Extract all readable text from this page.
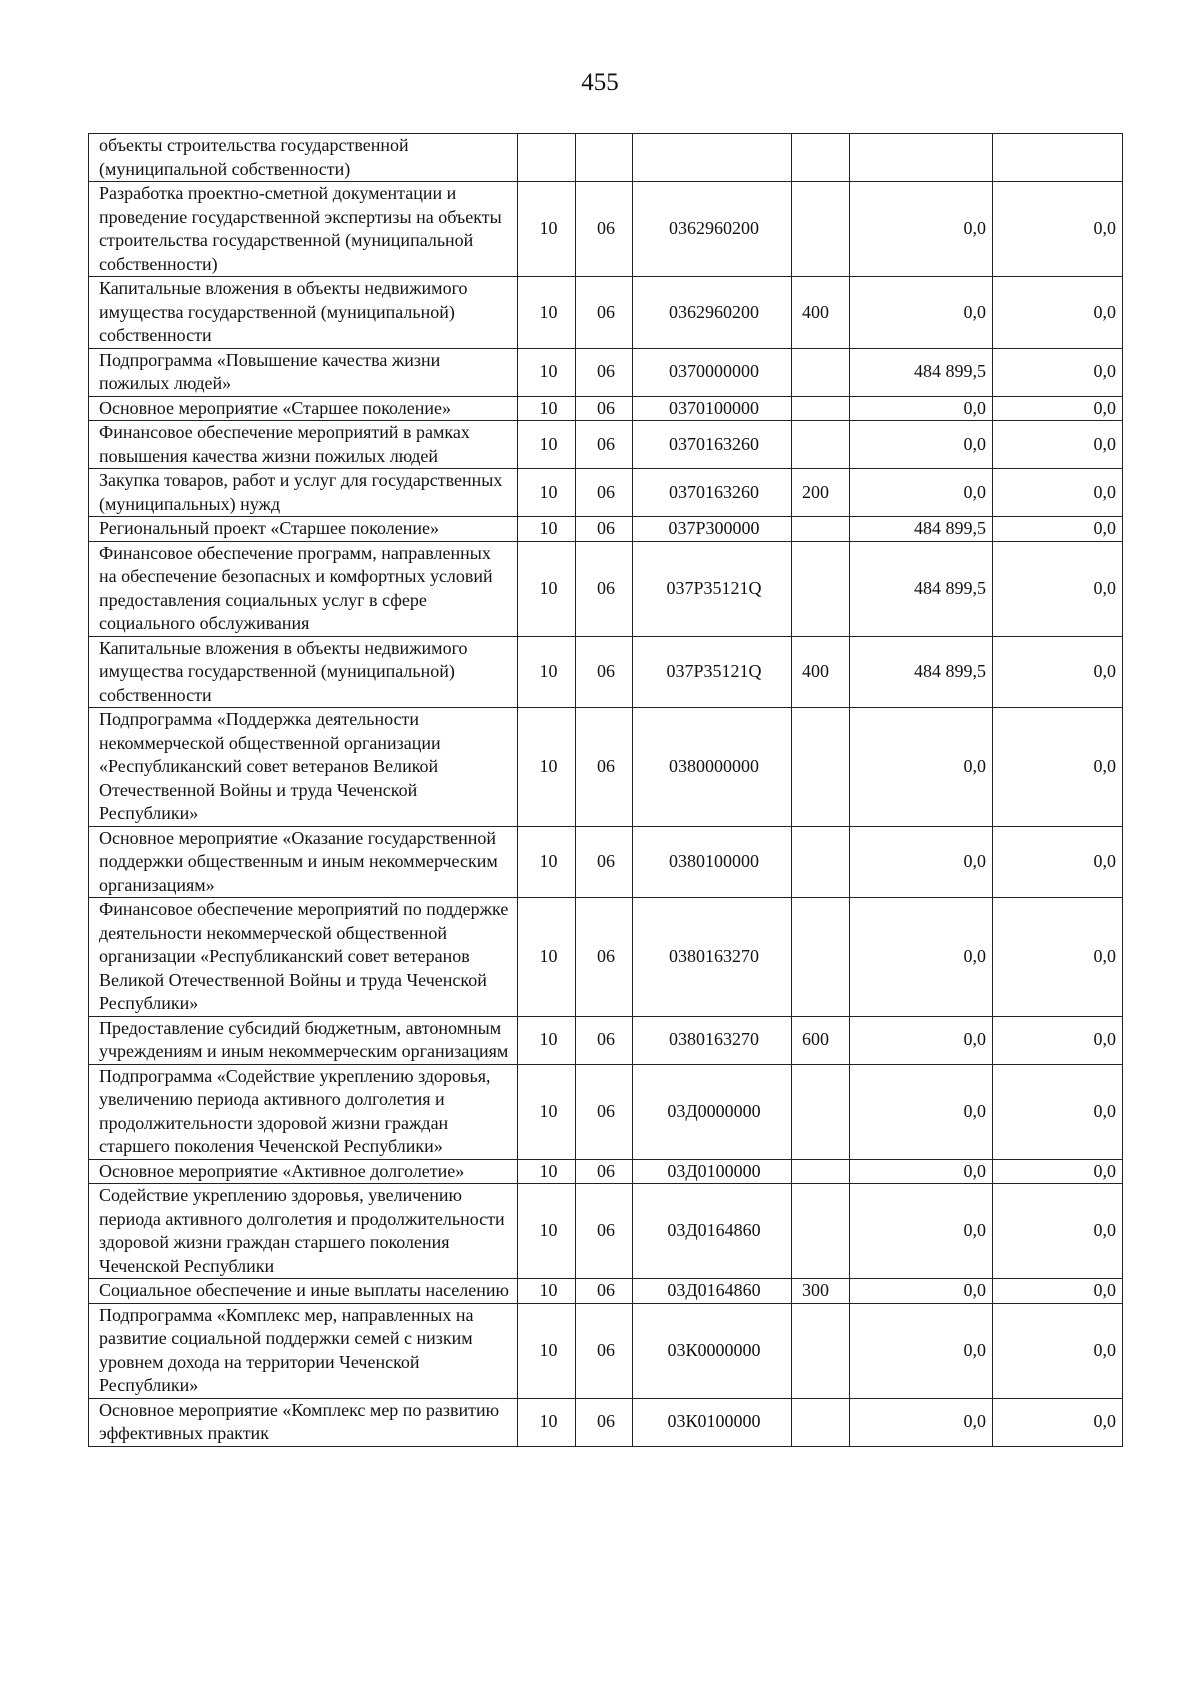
455
объекты строительства государственной (муниципальной собственности)						
Разработка проектно-сметной документации и проведение государственной экспертизы на объекты строительства государственной (муниципальной собственности)	10	06	0362960200		0,0	0,0
Капитальные вложения в объекты недвижимого имущества государственной (муниципальной) собственности	10	06	0362960200	400	0,0	0,0
Подпрограмма «Повышение качества жизни пожилых людей»	10	06	0370000000		484 899,5	0,0
Основное мероприятие «Старшее поколение»	10	06	0370100000		0,0	0,0
Финансовое обеспечение мероприятий в рамках повышения качества жизни пожилых людей	10	06	0370163260		0,0	0,0
Закупка товаров, работ и услуг для государственных (муниципальных) нужд	10	06	0370163260	200	0,0	0,0
Региональный проект «Старшее поколение»	10	06	037P300000		484 899,5	0,0
Финансовое обеспечение программ, направленных на обеспечение безопасных и комфортных условий предоставления социальных услуг в сфере социального обслуживания	10	06	037P35121Q		484 899,5	0,0
Капитальные вложения в объекты недвижимого имущества государственной (муниципальной) собственности	10	06	037P35121Q	400	484 899,5	0,0
Подпрограмма «Поддержка деятельности некоммерческой общественной организации «Республиканский совет ветеранов Великой Отечественной Войны и труда Чеченской Республики»	10	06	0380000000		0,0	0,0
Основное мероприятие «Оказание государственной поддержки общественным и иным некоммерческим организациям»	10	06	0380100000		0,0	0,0
Финансовое обеспечение мероприятий по поддержке деятельности некоммерческой общественной организации «Республиканский совет ветеранов Великой Отечественной Войны и труда Чеченской Республики»	10	06	0380163270		0,0	0,0
Предоставление субсидий бюджетным, автономным учреждениям и иным некоммерческим организациям	10	06	0380163270	600	0,0	0,0
Подпрограмма «Содействие укреплению здоровья, увеличению периода активного долголетия и продолжительности здоровой жизни граждан старшего поколения Чеченской Республики»	10	06	03Д0000000		0,0	0,0
Основное мероприятие «Активное долголетие»	10	06	03Д0100000		0,0	0,0
Содействие укреплению здоровья, увеличению периода активного долголетия и продолжительности здоровой жизни граждан старшего поколения Чеченской Республики	10	06	03Д0164860		0,0	0,0
Социальное обеспечение и иные выплаты населению	10	06	03Д0164860	300	0,0	0,0
Подпрограмма «Комплекс мер, направленных на развитие социальной поддержки семей с низким уровнем дохода на территории Чеченской Республики»	10	06	03К0000000		0,0	0,0
Основное мероприятие «Комплекс мер по развитию эффективных практик	10	06	03К0100000		0,0	0,0
